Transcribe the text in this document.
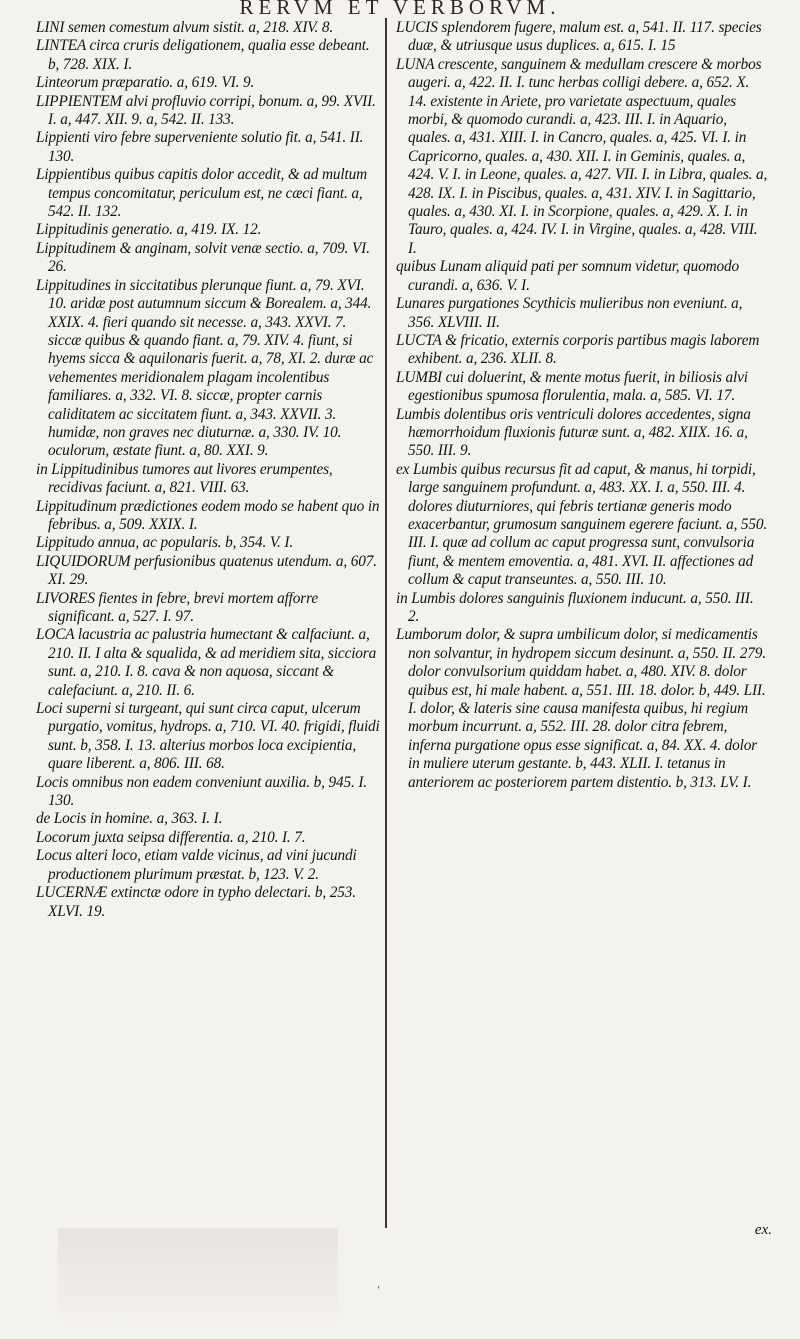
RERVM ET VERBORVM.

LINI semen comestum alvum sistit. a, 218. XIV. 8.

LINTEA circa cruris deligationem, qualia esse debeant. b, 728. XIX. I.

Linteorum præparatio. a, 619. VI. 9.

LIPPIENTEM alvi profluvio corripi, bonum. a, 99. XVII. I. a, 447. XII. 9. a, 542. II. 133.

Lippienti viro febre superveniente solutio fit. a, 541. II. 130.

Lippientibus quibus capitis dolor accedit, & ad multum tempus concomitatur, periculum est, ne cæci fiant. a, 542. II. 132.

Lippitudinis generatio. a, 419. IX. 12.

Lippitudinem & anginam, solvit venæ sectio. a, 709. VI. 26.

Lippitudines in siccitatibus plerunque fiunt. a, 79. XVI. 10. aridæ post autumnum siccum & Borealem. a, 344. XXIX. 4. fieri quando sit necesse. a, 343. XXVI. 7. siccæ quibus & quando fiant. a, 79. XIV. 4. fiunt, si hyems sicca & aquilonaris fuerit. a, 78, XI. 2. duræ ac vehementes meridionalem plagam incolentibus familiares. a, 332. VI. 8. siccæ, propter carnis caliditatem ac siccitatem fiunt. a, 343. XXVII. 3. humidæ, non graves nec diuturnæ. a, 330. IV. 10. oculorum, æstate fiunt. a, 80. XXI. 9.

in Lippitudinibus tumores aut livores erumpentes, recidivas faciunt. a, 821. VIII. 63.

Lippitudinum prædictiones eodem modo se habent quo in febribus. a, 509. XXIX. I.

Lippitudo annua, ac popularis. b, 354. V. I.

LIQUIDORUM perfusionibus quatenus utendum. a, 607. XI. 29.

LIVORES fientes in febre, brevi mortem afforre significant. a, 527. I. 97.

LOCA lacustria ac palustria humectant & calfaciunt. a, 210. II. I alta & squalida, & ad meridiem sita, sicciora sunt. a, 210. I. 8. cava & non aquosa, siccant & calefaciunt. a, 210. II. 6.

Loci superni si turgeant, qui sunt circa caput, ulcerum purgatio, vomitus, hydrops. a, 710. VI. 40. frigidi, fluidi sunt. b, 358. I. 13. alterius morbos loca excipientia, quare liberent. a, 806. III. 68.

Locis omnibus non eadem conveniunt auxilia. b, 945. I. 130.

de Locis in homine. a, 363. I. I.

Locorum juxta seipsa differentia. a, 210. I. 7.

Locus alteri loco, etiam valde vicinus, ad vini jucundi productionem plurimum præstat. b, 123. V. 2.

LUCERNÆ extinctæ odore in typho delectari. b, 253. XLVI. 19.

LUCIS splendorem fugere, malum est. a, 541. II. 117. species duæ, & utriusque usus duplices. a, 615. I. 15

LUNA crescente, sanguinem & medullam crescere & morbos augeri. a, 422. II. I. tunc herbas colligi debere. a, 652. X. 14. existente in Ariete, pro varietate aspectuum, quales morbi, & quomodo curandi. a, 423. III. I. in Aquario, quales. a, 431. XIII. I. in Cancro, quales. a, 425. VI. I. in Capricorno, quales. a, 430. XII. I. in Geminis, quales. a, 424. V. I. in Leone, quales. a, 427. VII. I. in Libra, quales. a, 428. IX. I. in Piscibus, quales. a, 431. XIV. I. in Sagittario, quales. a, 430. XI. I. in Scorpione, quales. a, 429. X. I. in Tauro, quales. a, 424. IV. I. in Virgine, quales. a, 428. VIII. I.

quibus Lunam aliquid pati per somnum videtur, quomodo curandi. a, 636. V. I.

Lunares purgationes Scythicis mulieribus non eveniunt. a, 356. XLVIII. II.

LUCTA & fricatio, externis corporis partibus magis laborem exhibent. a, 236. XLII. 8.

LUMBI cui doluerint, & mente motus fuerit, in biliosis alvi egestionibus spumosa florulentia, mala. a, 585. VI. 17.

Lumbis dolentibus oris ventriculi dolores accedentes, signa hæmorrhoidum fluxionis futuræ sunt. a, 482. XIIX. 16. a, 550. III. 9.

ex Lumbis quibus recursus fit ad caput, & manus, hi torpidi, large sanguinem profundunt. a, 483. XX. I. a, 550. III. 4. dolores diuturniores, qui febris tertianæ generis modo exacerbantur, grumosum sanguinem egerere faciunt. a, 550. III. I. quæ ad collum ac caput progressa sunt, convulsoria fiunt, & mentem emoventia. a, 481. XVI. II. affectiones ad collum & caput transeuntes. a, 550. III. 10.

in Lumbis dolores sanguinis fluxionem inducunt. a, 550. III. 2.

Lumborum dolor, & supra umbilicum dolor, si medicamentis non solvantur, in hydropem siccum desinunt. a, 550. II. 279. dolor convulsorium quiddam habet. a, 480. XIV. 8. dolor quibus est, hi male habent. a, 551. III. 18. dolor. b, 449. LII. I. dolor, & lateris sine causa manifesta quibus, hi regium morbum incurrunt. a, 552. III. 28. dolor citra febrem, inferna purgatione opus esse significat. a, 84. XX. 4. dolor in muliere uterum gestante. b, 443. XLII. I. tetanus in anteriorem ac posteriorem partem distentio. b, 313. LV. I.

ex.
ˌ
